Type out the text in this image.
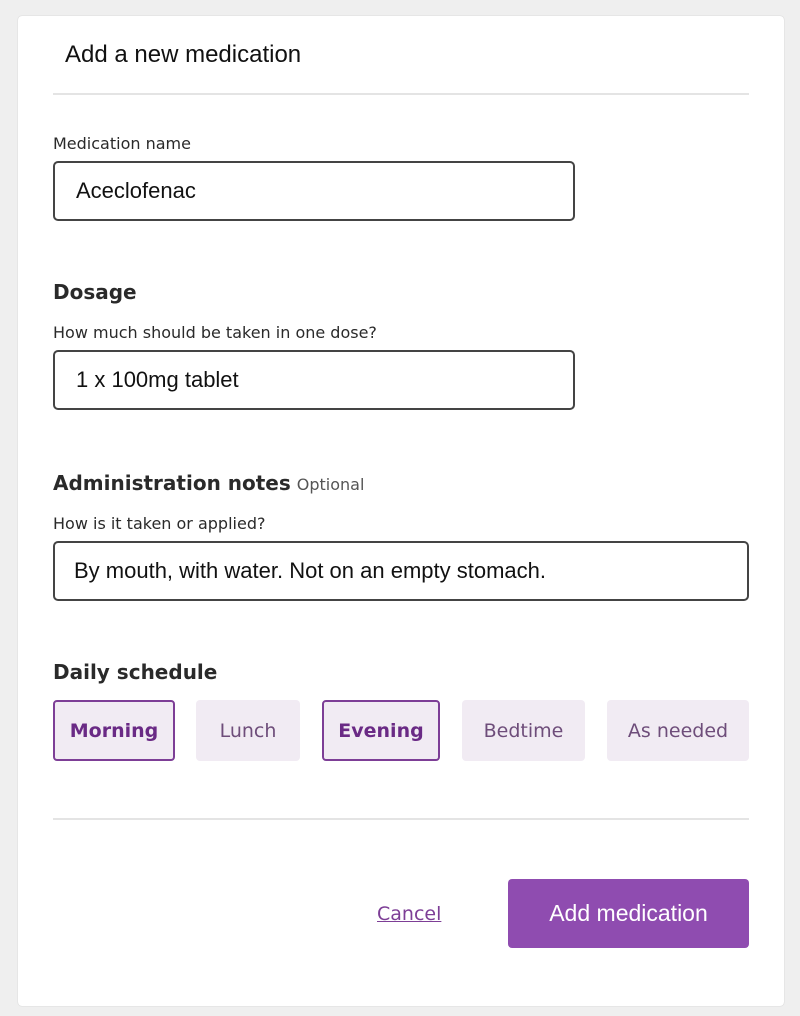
Add a new medication
Medication name
Aceclofenac
Dosage
How much should be taken in one dose?
1 x 100mg tablet
Administration notes Optional
How is it taken or applied?
By mouth, with water. Not on an empty stomach.
Daily schedule
Morning	Lunch	Evening	Bedtime	As needed
Cancel	Add medication
